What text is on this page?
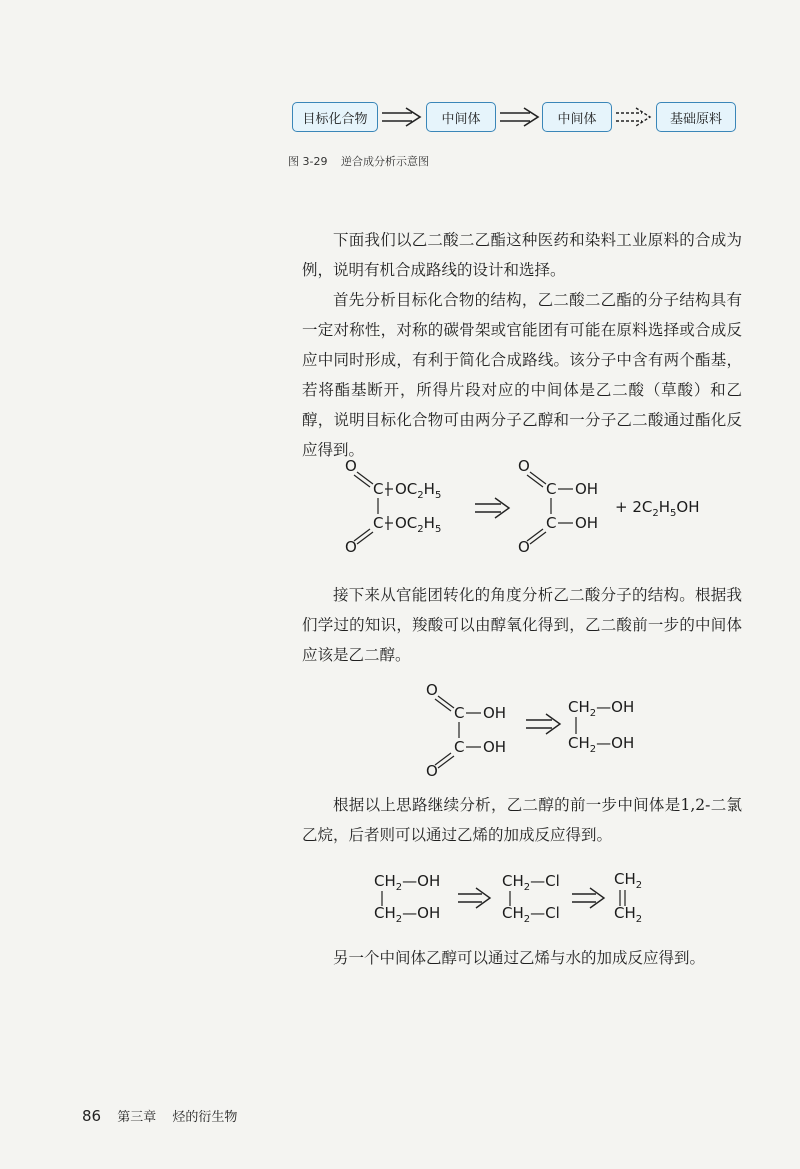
目标化合物	中间体	中间体	基础原料
图 3-29 逆合成分析示意图

下面我们以乙二酸二乙酯这种医药和染料工业原料的合成为例，说明有机合成路线的设计和选择。

首先分析目标化合物的结构，乙二酸二乙酯的分子结构具有一定对称性，对称的碳骨架或官能团有可能在原料选择或合成反应中同时形成，有利于简化合成路线。该分子中含有两个酯基，若将酯基断开，所得片段对应的中间体是乙二酸（草酸）和乙醇，说明目标化合物可由两分子乙醇和一分子乙二酸通过酯化反应得到。

O
C $OC_2H_5$
C $OC_2H_5$
O
O
C OH
C OH
O
+ $2C_2H_5OH$

接下来从官能团转化的角度分析乙二酸分子的结构。根据我们学过的知识，羧酸可以由醇氧化得到，乙二酸前一步的中间体应该是乙二醇。

O
C OH
C OH
O
$CH_2—OH$
$CH_2—OH$

根据以上思路继续分析，乙二醇的前一步中间体是1,2-二氯乙烷，后者则可以通过乙烯的加成反应得到。

$CH_2—OH$
$CH_2—OH$
$CH_2—Cl$
$CH_2—Cl$
$CH_2$
$CH_2$

另一个中间体乙醇可以通过乙烯与水的加成反应得到。

86 第三章 烃的衍生物
